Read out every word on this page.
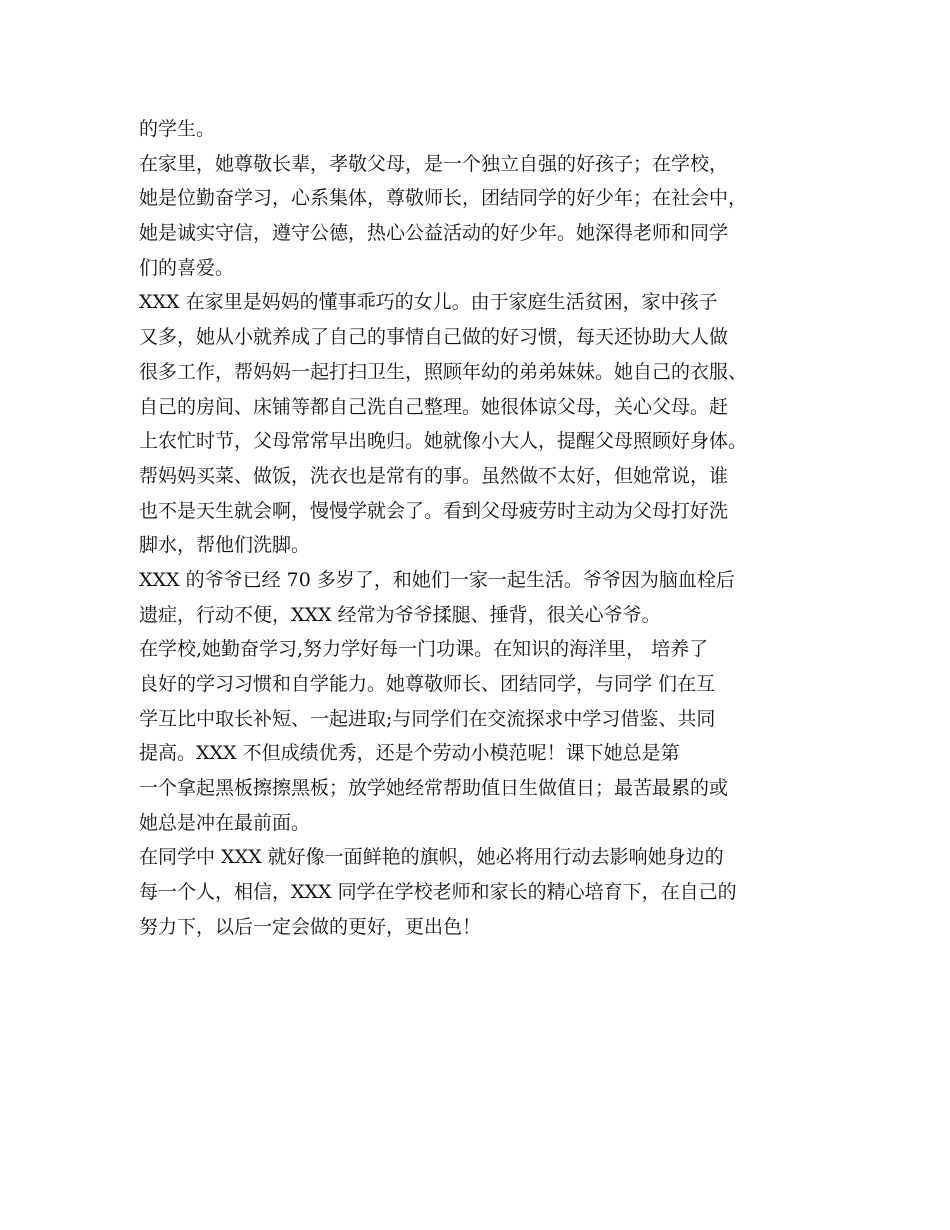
的学生。
在家里，她尊敬长辈，孝敬父母，是一个独立自强的好孩子；在学校，
她是位勤奋学习，心系集体，尊敬师长，团结同学的好少年；在社会中，
她是诚实守信，遵守公德，热心公益活动的好少年。她深得老师和同学
们的喜爱。
XXX 在家里是妈妈的懂事乖巧的女儿。由于家庭生活贫困，家中孩子
又多，她从小就养成了自己的事情自己做的好习惯，每天还协助大人做
很多工作，帮妈妈一起打扫卫生，照顾年幼的弟弟妹妹。她自己的衣服、
自己的房间、床铺等都自己洗自己整理。她很体谅父母，关心父母。赶
上农忙时节，父母常常早出晚归。她就像小大人，提醒父母照顾好身体。
帮妈妈买菜、做饭，洗衣也是常有的事。虽然做不太好，但她常说，谁
也不是天生就会啊，慢慢学就会了。看到父母疲劳时主动为父母打好洗
脚水，帮他们洗脚。
XXX 的爷爷已经 70 多岁了，和她们一家一起生活。爷爷因为脑血栓后
遗症，行动不便，XXX 经常为爷爷揉腿、捶背，很关心爷爷。
在学校,她勤奋学习,努力学好每一门功课。在知识的海洋里， 培养了
良好的学习习惯和自学能力。她尊敬师长、团结同学，与同学 们在互
学互比中取长补短、一起进取;与同学们在交流探求中学习借鉴、共同
提高。XXX 不但成绩优秀，还是个劳动小模范呢！课下她总是第
一个拿起黑板擦擦黑板；放学她经常帮助值日生做值日；最苦最累的或
她总是冲在最前面。
在同学中 XXX 就好像一面鲜艳的旗帜，她必将用行动去影响她身边的
每一个人，相信，XXX 同学在学校老师和家长的精心培育下，在自己的
努力下，以后一定会做的更好，更出色！
